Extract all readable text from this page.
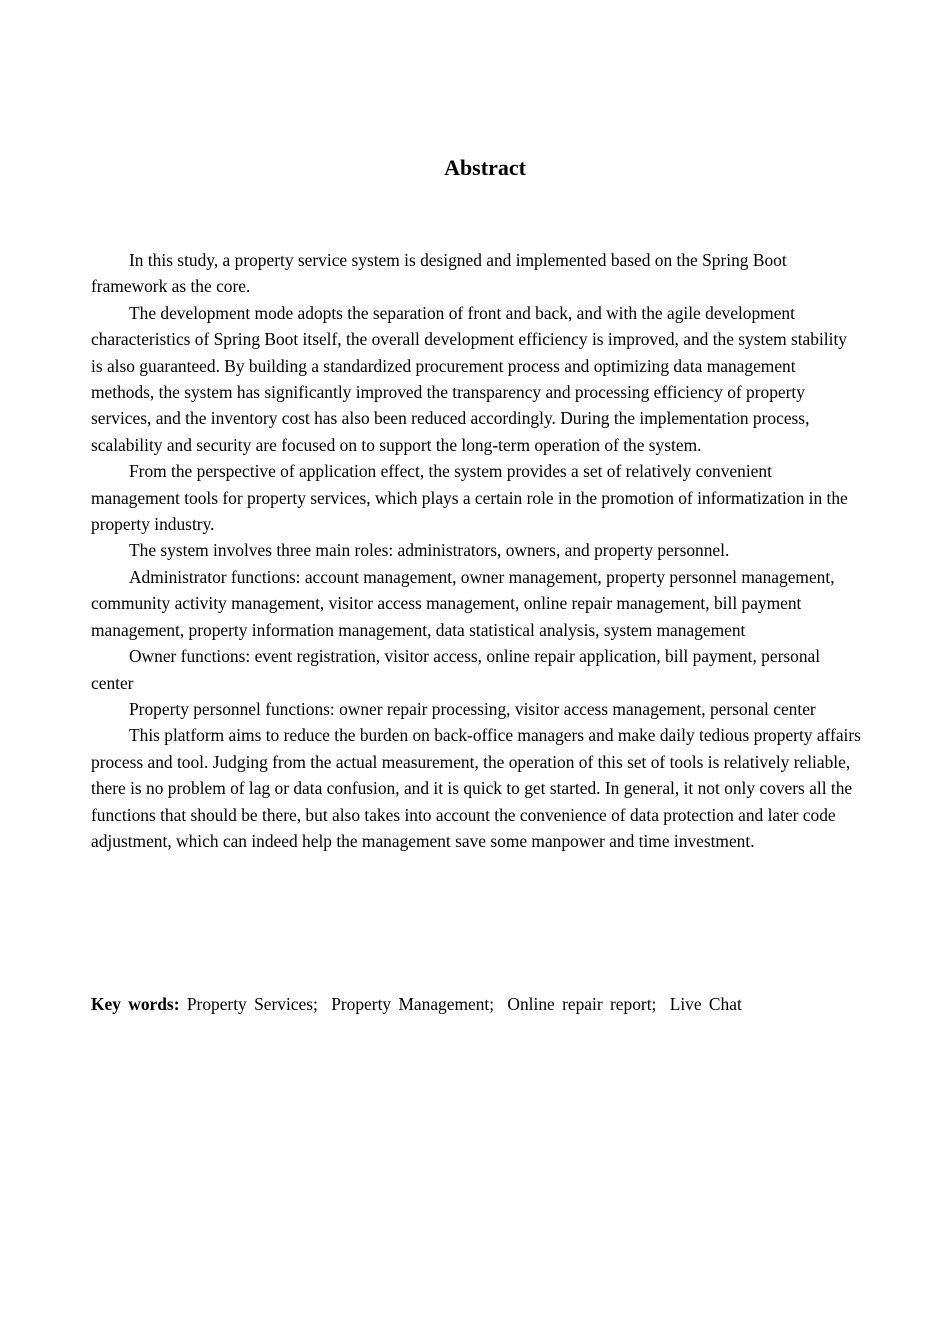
Abstract

In this study, a property service system is designed and implemented based on the Spring Boot framework as the core.

The development mode adopts the separation of front and back, and with the agile development characteristics of Spring Boot itself, the overall development efficiency is improved, and the system stability is also guaranteed. By building a standardized procurement process and optimizing data management methods, the system has significantly improved the transparency and processing efficiency of property services, and the inventory cost has also been reduced accordingly. During the implementation process, scalability and security are focused on to support the long-term operation of the system.

From the perspective of application effect, the system provides a set of relatively convenient management tools for property services, which plays a certain role in the promotion of informatization in the property industry.

The system involves three main roles: administrators, owners, and property personnel.

Administrator functions: account management, owner management, property personnel management, community activity management, visitor access management, online repair management, bill payment management, property information management, data statistical analysis, system management

Owner functions: event registration, visitor access, online repair application, bill payment, personal center

Property personnel functions: owner repair processing, visitor access management, personal center

This platform aims to reduce the burden on back-office managers and make daily tedious property affairs process and tool. Judging from the actual measurement, the operation of this set of tools is relatively reliable, there is no problem of lag or data confusion, and it is quick to get started. In general, it not only covers all the functions that should be there, but also takes into account the convenience of data protection and later code adjustment, which can indeed help the management save some manpower and time investment.

Key words: Property Services; Property Management; Online repair report; Live Chat
